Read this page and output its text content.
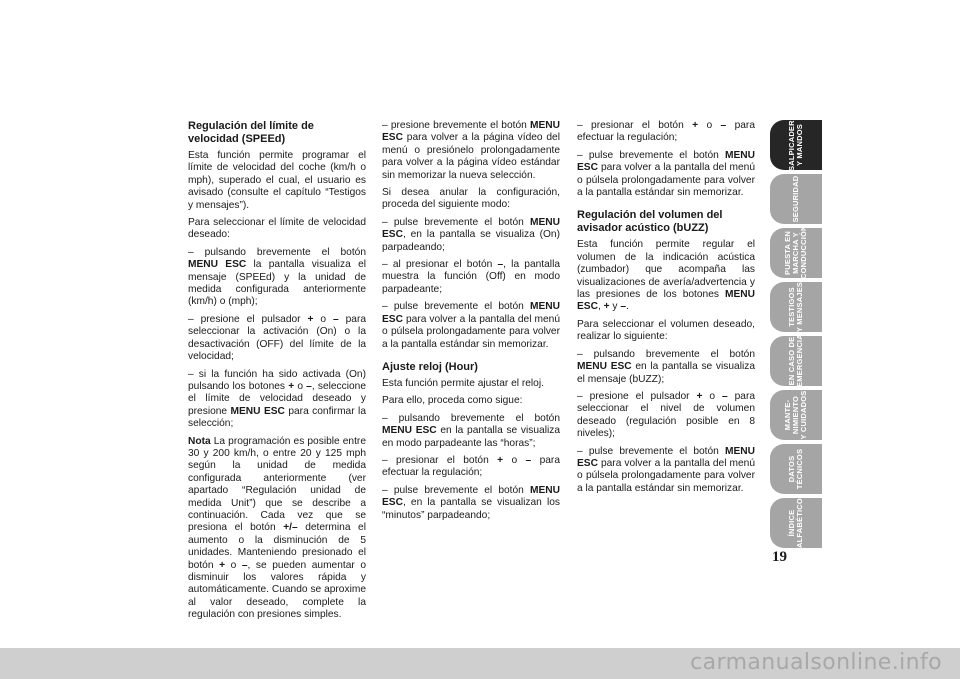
Regulación del límite de velocidad (SPEEd)

Esta función permite programar el límite de velocidad del coche (km/h o mph), superado el cual, el usuario es avisado (consulte el capítulo “Testigos y mensajes”).

Para seleccionar el límite de velocidad deseado:

– pulsando brevemente el botón MENU ESC la pantalla visualiza el mensaje (SPEEd) y la unidad de medida configurada anteriormente (km/h) o (mph);

– presione el pulsador + o – para seleccionar la activación (On) o la desactivación (OFF) del límite de la velocidad;

– si la función ha sido activada (On) pulsando los botones + o –, seleccione el límite de velocidad deseado y presione MENU ESC para confirmar la selección;

Nota La programación es posible entre 30 y 200 km/h, o entre 20 y 125 mph según la unidad de medida configurada anteriormente (ver apartado “Regulación unidad de medida Unit”) que se describe a continuación. Cada vez que se presiona el botón +/– determina el aumento o la disminución de 5 unidades. Manteniendo presionado el botón + o –, se pueden aumentar o disminuir los valores rápida y automáticamente. Cuando se aproxime al valor deseado, complete la regulación con presiones simples.

– presione brevemente el botón MENU ESC para volver a la página vídeo del menú o presiónelo prolongadamente para volver a la página vídeo estándar sin memorizar la nueva selección.

Si desea anular la configuración, proceda del siguiente modo:

– pulse brevemente el botón MENU ESC, en la pantalla se visualiza (On) parpadeando;

– al presionar el botón –, la pantalla muestra la función (Off) en modo parpadeante;

– pulse brevemente el botón MENU ESC para volver a la pantalla del menú o púlsela prolongadamente para volver a la pantalla estándar sin memorizar.

Ajuste reloj (Hour)

Esta función permite ajustar el reloj.

Para ello, proceda como sigue:

– pulsando brevemente el botón MENU ESC en la pantalla se visualiza en modo parpadeante las “horas”;

– presionar el botón + o – para efectuar la regulación;

– pulse brevemente el botón MENU ESC, en la pantalla se visualizan los “minutos” parpadeando;

– presionar el botón + o – para efectuar la regulación;

– pulse brevemente el botón MENU ESC para volver a la pantalla del menú o púlsela prolongadamente para volver a la pantalla estándar sin memorizar.

Regulación del volumen del avisador acústico (bUZZ)

Esta función permite regular el volumen de la indicación acústica (zumbador) que acompaña las visualizaciones de avería/advertencia y las presiones de los botones MENU ESC, + y –.

Para seleccionar el volumen deseado, realizar lo siguiente:

– pulsando brevemente el botón MENU ESC en la pantalla se visualiza el mensaje (bUZZ);

– presione el pulsador + o – para seleccionar el nivel de volumen deseado (regulación posible en 8 niveles);

– pulse brevemente el botón MENU ESC para volver a la pantalla del menú o púlsela prolongadamente para volver a la pantalla estándar sin memorizar.

SALPICADERO
Y MANDOS
SEGURIDAD
PUESTA EN
MARCHA Y
CONDUCCIÓN
TESTIGOS
Y MENSAJES
EN CASO DE
EMERGENCIA
MANTE-
NIMIENTO
Y CUIDADOS
DATOS
TÉCNICOS
ÍNDICE
ALFABÉTICO
19
carmanualsonline.info
